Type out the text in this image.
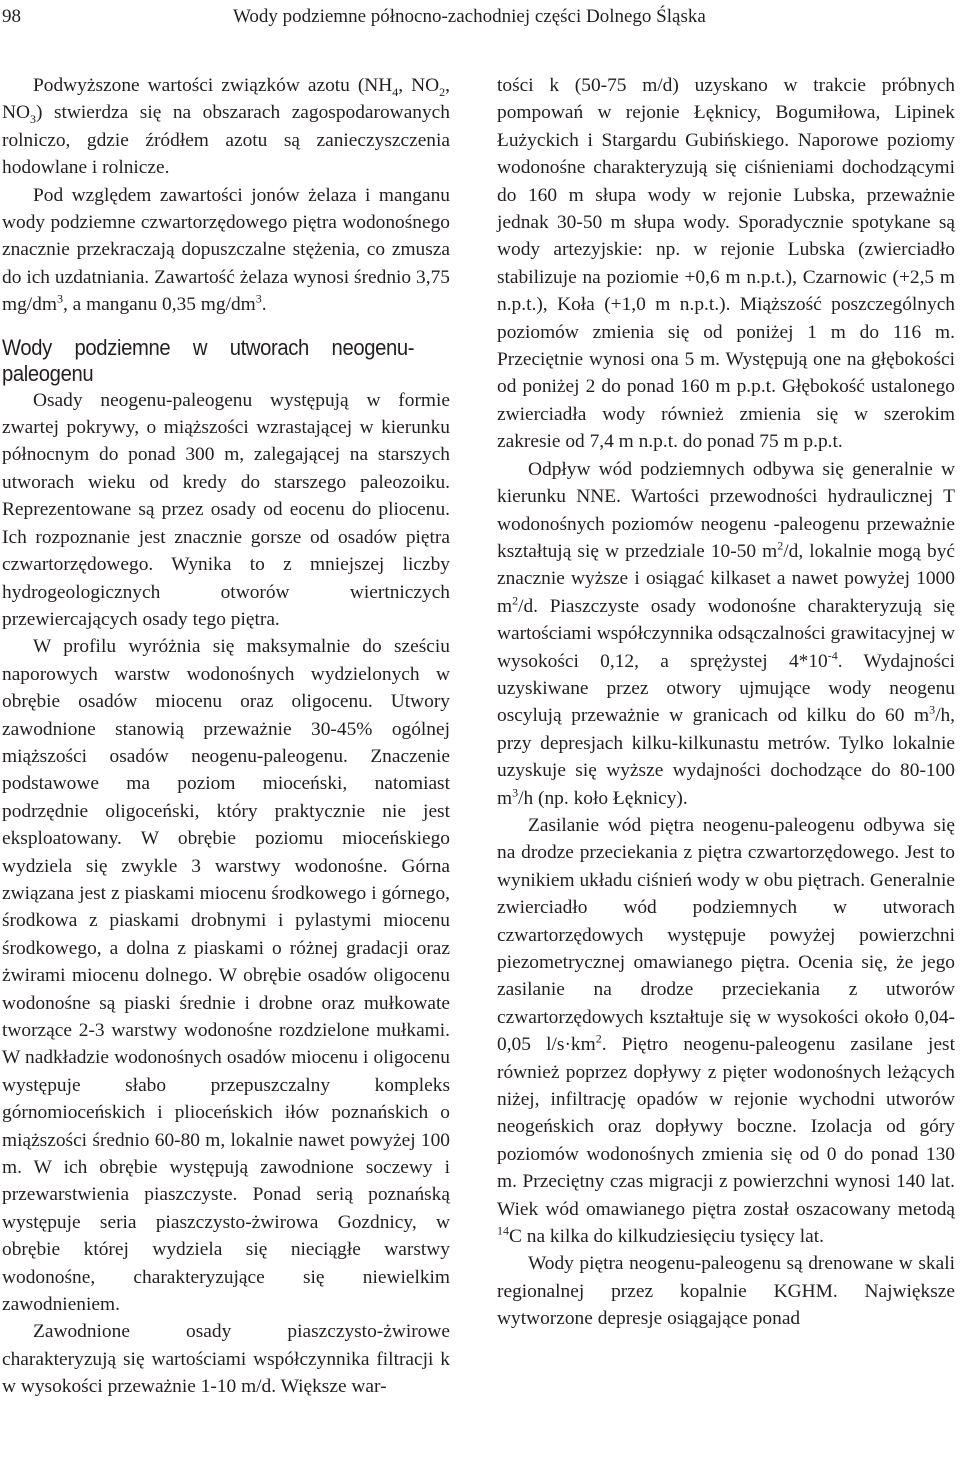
98	Wody podziemne północno-zachodniej części Dolnego Śląska

Podwyższone wartości związków azotu ($NH_4$, $NO_2$, $NO_3$) stwierdza się na obszarach zagospodarowanych rolniczo, gdzie źródłem azotu są zanieczyszczenia hodowlane i rolnicze.

Pod względem zawartości jonów żelaza i manganu wody podziemne czwartorzędowego piętra wodonośnego znacznie przekraczają dopuszczalne stężenia, co zmusza do ich uzdatniania. Zawartość żelaza wynosi średnio 3,75 $mg/dm^3$, a manganu 0,35 $mg/dm^3$.

Wody podziemne w utworach neogenu-paleogenu

Osady neogenu-paleogenu występują w formie zwartej pokrywy, o miąższości wzrastającej w kierunku północnym do ponad 300 m, zalegającej na starszych utworach wieku od kredy do starszego paleozoiku. Reprezentowane są przez osady od eocenu do pliocenu. Ich rozpoznanie jest znacznie gorsze od osadów piętra czwartorzędowego. Wynika to z mniejszej liczby hydrogeologicznych otworów wiertniczych przewiercających osady tego piętra.

W profilu wyróżnia się maksymalnie do sześciu naporowych warstw wodonośnych wydzielonych w obrębie osadów miocenu oraz oligocenu. Utwory zawodnione stanowią przeważnie 30-45% ogólnej miąższości osadów neogenu-paleogenu. Znaczenie podstawowe ma poziom mioceński, natomiast podrzędnie oligoceński, który praktycznie nie jest eksploatowany. W obrębie poziomu mioceńskiego wydziela się zwykle 3 warstwy wodonośne. Górna związana jest z piaskami miocenu środkowego i górnego, środkowa z piaskami drobnymi i pylastymi miocenu środkowego, a dolna z piaskami o różnej gradacji oraz żwirami miocenu dolnego. W obrębie osadów oligocenu wodonośne są piaski średnie i drobne oraz mułkowate tworzące 2-3 warstwy wodonośne rozdzielone mułkami. W nadkładzie wodonośnych osadów miocenu i oligocenu występuje słabo przepuszczalny kompleks górnomioceńskich i plioceńskich iłów poznańskich o miąższości średnio 60-80 m, lokalnie nawet powyżej 100 m. W ich obrębie występują zawodnione soczewy i przewarstwienia piaszczyste. Ponad serią poznańską występuje seria piaszczysto-żwirowa Gozdnicy, w obrębie której wydziela się nieciągłe warstwy wodonośne, charakteryzujące się niewielkim zawodnieniem.

Zawodnione osady piaszczysto-żwirowe charakteryzują się wartościami współczynnika filtracji k w wysokości przeważnie 1-10 m/d. Większe war-

tości k (50-75 m/d) uzyskano w trakcie próbnych pompowań w rejonie Łęknicy, Bogumiłowa, Lipinek Łużyckich i Stargardu Gubińskiego. Naporowe poziomy wodonośne charakteryzują się ciśnieniami dochodzącymi do 160 m słupa wody w rejonie Lubska, przeważnie jednak 30-50 m słupa wody. Sporadycznie spotykane są wody artezyjskie: np. w rejonie Lubska (zwierciadło stabilizuje na poziomie +0,6 m n.p.t.), Czarnowic (+2,5 m n.p.t.), Koła (+1,0 m n.p.t.). Miąższość poszczególnych poziomów zmienia się od poniżej 1 m do 116 m. Przeciętnie wynosi ona 5 m. Występują one na głębokości od poniżej 2 do ponad 160 m p.p.t. Głębokość ustalonego zwierciadła wody również zmienia się w szerokim zakresie od 7,4 m n.p.t. do ponad 75 m p.p.t.

Odpływ wód podziemnych odbywa się generalnie w kierunku NNE. Wartości przewodności hydraulicznej T wodonośnych poziomów neogenu -paleogenu przeważnie kształtują się w przedziale 10-50 $m^2/d$, lokalnie mogą być znacznie wyższe i osiągać kilkaset a nawet powyżej 1000 $m^2/d$. Piaszczyste osady wodonośne charakteryzują się wartościami współczynnika odsączalności grawitacyjnej w wysokości 0,12, a sprężystej $4*10^{-4}$. Wydajności uzyskiwane przez otwory ujmujące wody neogenu oscylują przeważnie w granicach od kilku do 60 $m^3/h$, przy depresjach kilku-kilkunastu metrów. Tylko lokalnie uzyskuje się wyższe wydajności dochodzące do 80-100 $m^3/h$ (np. koło Łęknicy).

Zasilanie wód piętra neogenu-paleogenu odbywa się na drodze przeciekania z piętra czwartorzędowego. Jest to wynikiem układu ciśnień wody w obu piętrach. Generalnie zwierciadło wód podziemnych w utworach czwartorzędowych występuje powyżej powierzchni piezometrycznej omawianego piętra. Ocenia się, że jego zasilanie na drodze przeciekania z utworów czwartorzędowych kształtuje się w wysokości około 0,04-0,05 $l/s\cdot km^2$. Piętro neogenu-paleogenu zasilane jest również poprzez dopływy z pięter wodonośnych leżących niżej, infiltrację opadów w rejonie wychodni utworów neogeńskich oraz dopływy boczne. Izolacja od góry poziomów wodonośnych zmienia się od 0 do ponad 130 m. Przeciętny czas migracji z powierzchni wynosi 140 lat. Wiek wód omawianego piętra został oszacowany metodą $^{14}$C na kilka do kilkudziesięciu tysięcy lat.

Wody piętra neogenu-paleogenu są drenowane w skali regionalnej przez kopalnie KGHM. Największe wytworzone depresje osiągające ponad
